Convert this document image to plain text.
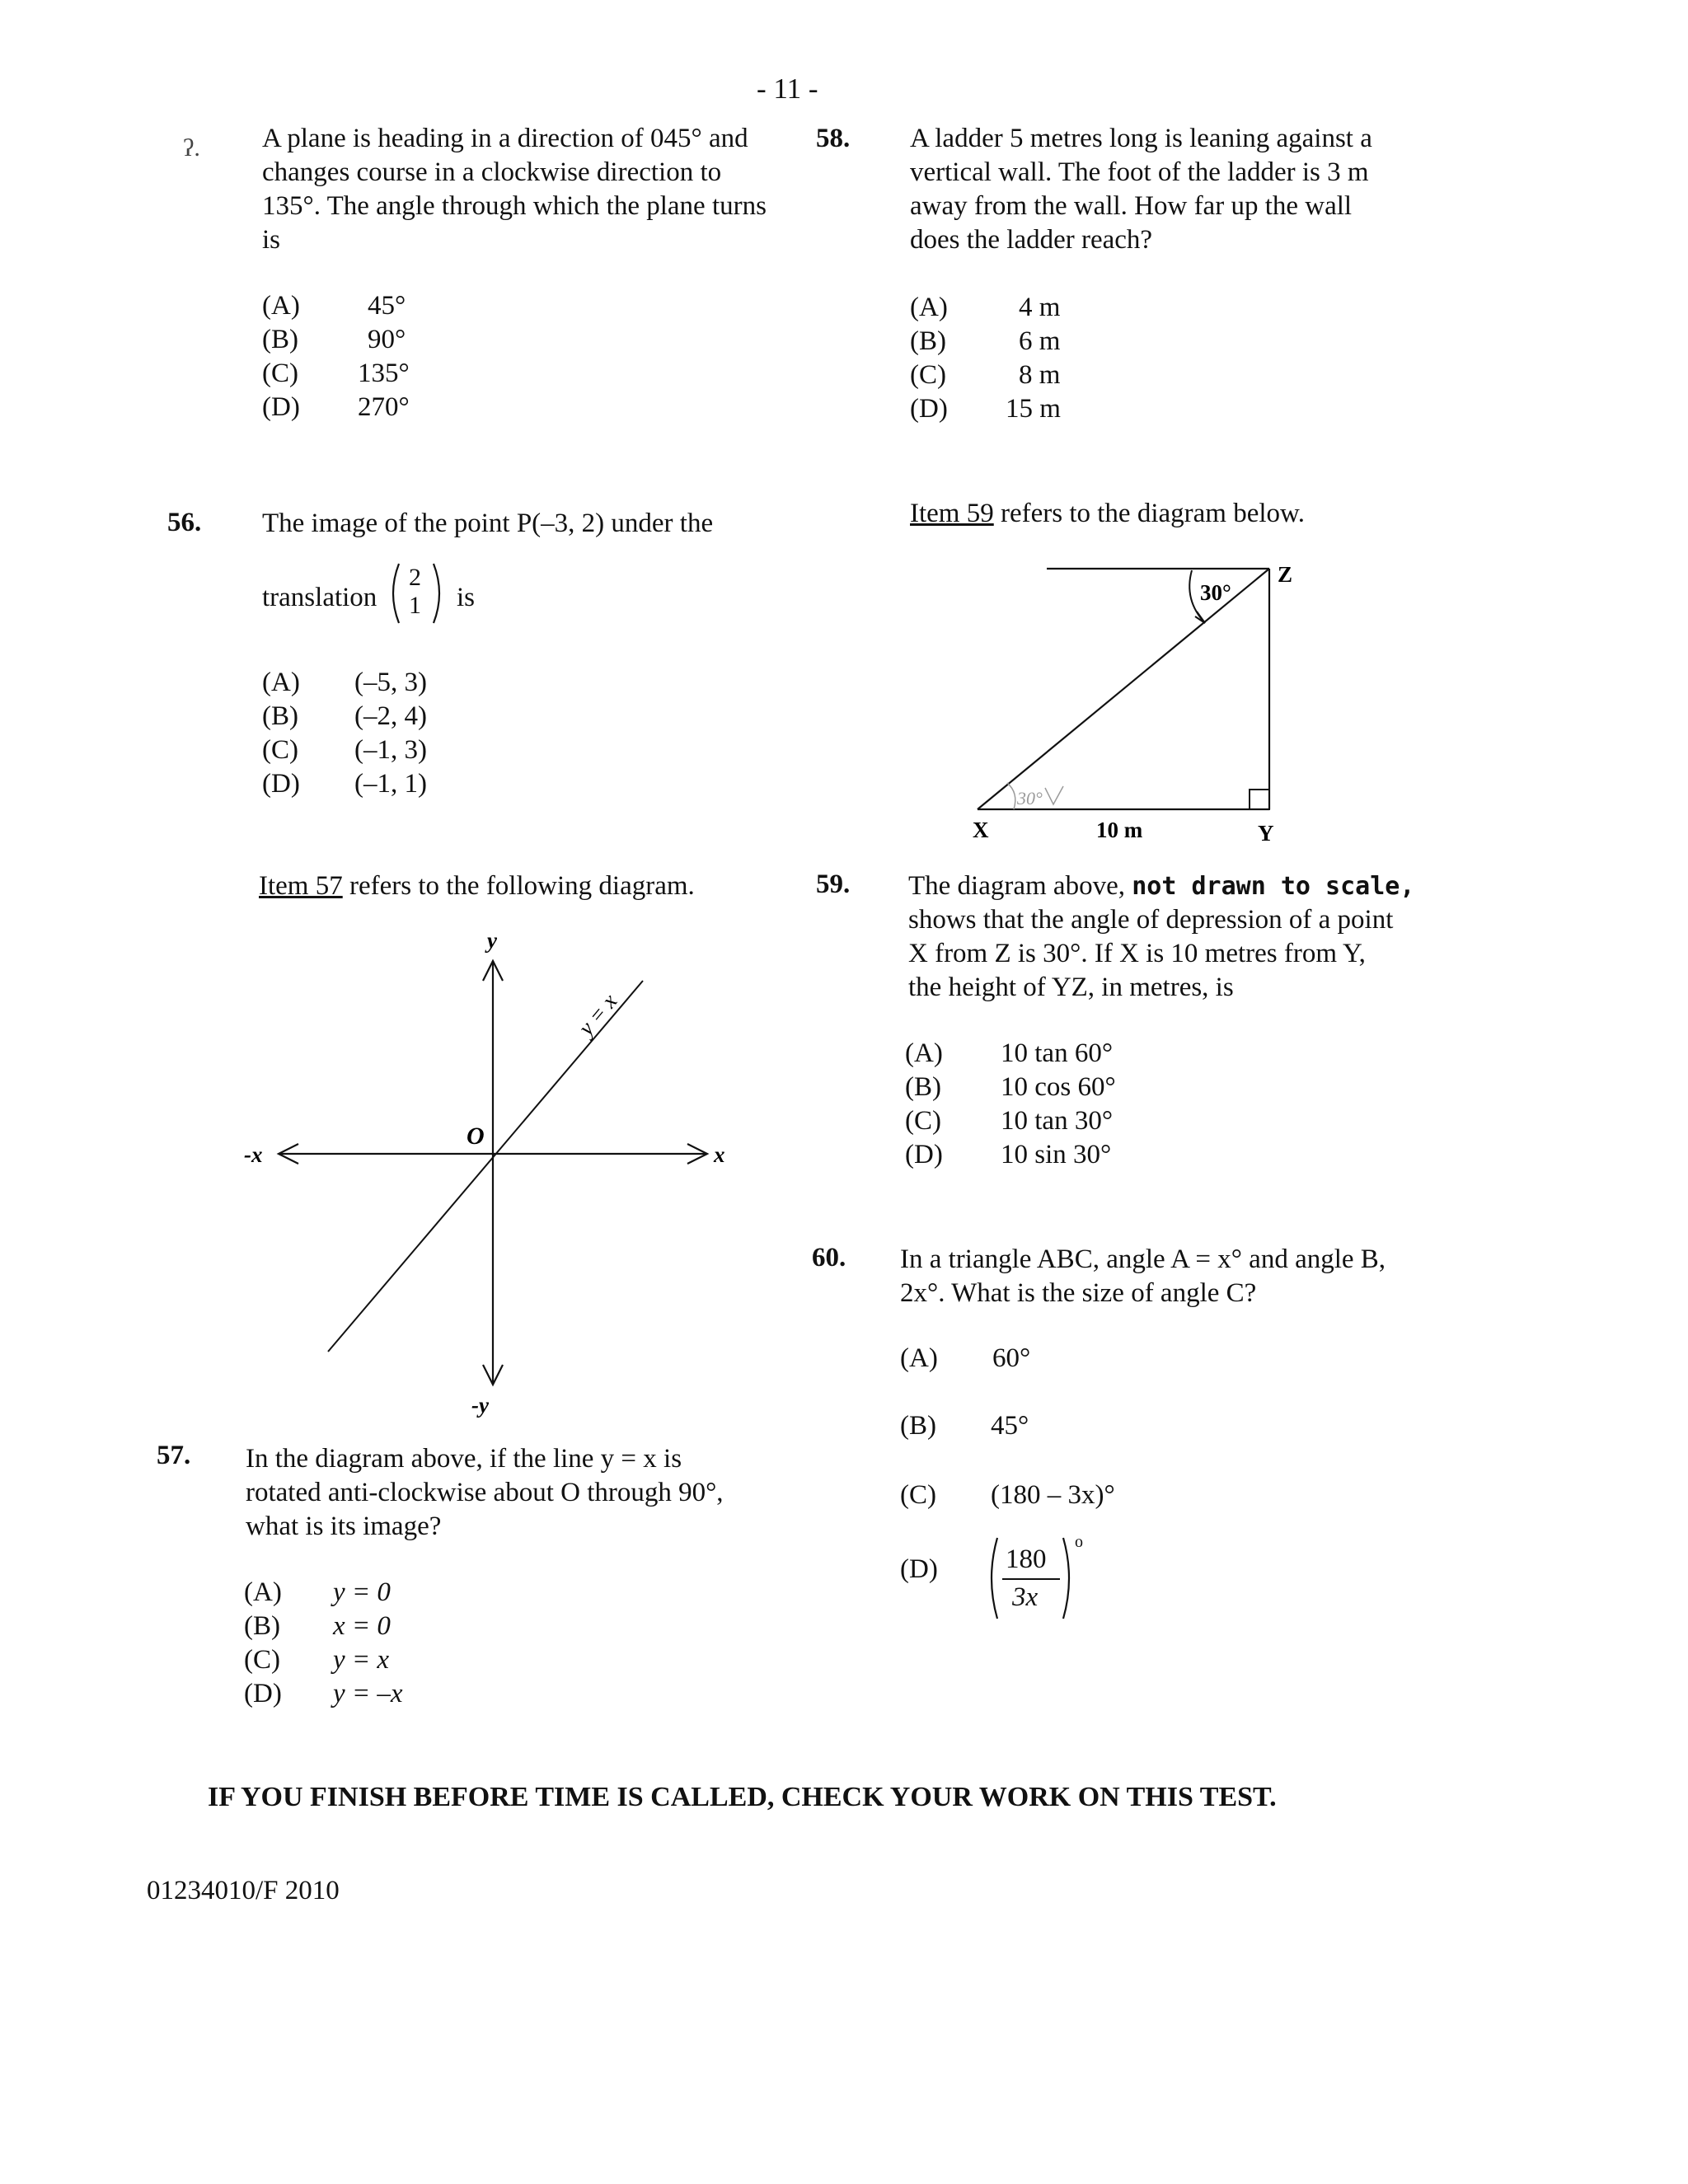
- 11 -
ʔ. A plane is heading in a direction of 045° and
changes course in a clockwise direction to
135°. The angle through which the plane turns
is
(A) 45°
(B)	90°
(C) 135°
(D) 270°
56. The image of the point P(–3, 2) under the
translation
2
1 is
(A) (–5, 3)
(B) (–2, 4)
(C) (–1, 3)
(D) (–1, 1)
Item 57 refers to the following diagram.
y
-y
x
-x
O
y = x
57. In the diagram above, if the line y = x is
rotated anti-clockwise about O through 90°,
what is its image?
(A) y = 0
(B) x = 0
(C) y = x
(D) y = –x
58. A ladder 5 metres long is leaning against a
vertical wall. The foot of the ladder is 3 m
away from the wall. How far up the wall
does the ladder reach?
(A)	4 m
(B)	6 m
(C)	8 m
(D) 15 m
Item 59 refers to the diagram below.
30°
30°
Z
X	Y
10 m
59. The diagram above, not drawn to scale,
shows that the angle of depression of a point
X from Z is 30°. If X is 10 metres from Y,
the height of YZ, in metres, is
(A) 10 tan 60°
(B) 10 cos 60°
(C) 10 tan 30°
(D) 10 sin 30°
60. In a triangle ABC, angle A = x° and angle B,
2x°. What is the size of angle C?
(A) 60°
(B) 45°
(C) (180 – 3x)°
(D)	180
3x
o
IF YOU FINISH BEFORE TIME IS CALLED, CHECK YOUR WORK ON THIS TEST.
01234010/F 2010
